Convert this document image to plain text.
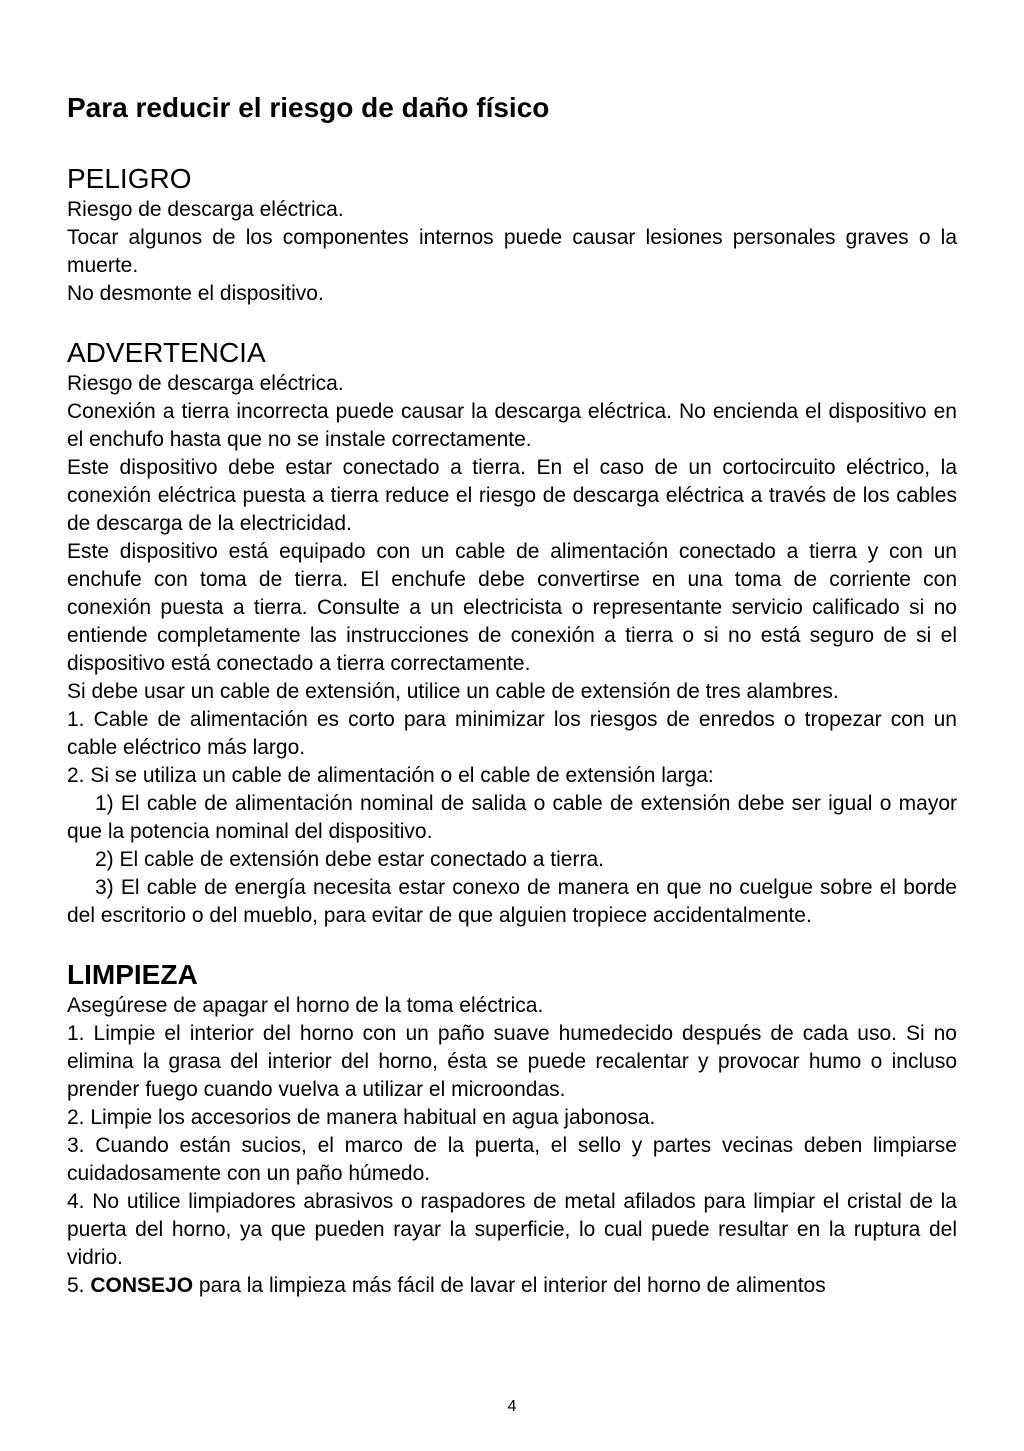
Para reducir el riesgo de daño físico
PELIGRO

Riesgo de descarga eléctrica.

Tocar algunos de los componentes internos puede causar lesiones personales graves o la muerte.

No desmonte el dispositivo.

ADVERTENCIA

Riesgo de descarga eléctrica.

Conexión a tierra incorrecta puede causar la descarga eléctrica. No encienda el dispositivo en el enchufo hasta que no se instale correctamente.

Este dispositivo debe estar conectado a tierra. En el caso de un cortocircuito eléctrico, la conexión eléctrica puesta a tierra reduce el riesgo de descarga eléctrica a través de los cables de descarga de la electricidad.

Este dispositivo está equipado con un cable de alimentación conectado a tierra y con un enchufe con toma de tierra. El enchufe debe convertirse en una toma de corriente con conexión puesta a tierra. Consulte a un electricista o representante servicio calificado si no entiende completamente las instrucciones de conexión a tierra o si no está seguro de si el dispositivo está conectado a tierra correctamente.

Si debe usar un cable de extensión, utilice un cable de extensión de tres alambres.

1. Cable de alimentación es corto para minimizar los riesgos de enredos o tropezar con un cable eléctrico más largo.

2. Si se utiliza un cable de alimentación o el cable de extensión larga:

1) El cable de alimentación nominal de salida o cable de extensión debe ser igual o mayor que la potencia nominal del dispositivo.

2) El cable de extensión debe estar conectado a tierra.

3) El cable de energía necesita estar conexo de manera en que no cuelgue sobre el borde del escritorio o del mueblo, para evitar de que alguien tropiece accidentalmente.

LIMPIEZA

Asegúrese de apagar el horno de la toma eléctrica.

1. Limpie el interior del horno con un paño suave humedecido después de cada uso. Si no elimina la grasa del interior del horno, ésta se puede recalentar y provocar humo o incluso prender fuego cuando vuelva a utilizar el microondas.

2. Limpie los accesorios de manera habitual en agua jabonosa.

3. Cuando están sucios, el marco de la puerta, el sello y partes vecinas deben limpiarse cuidadosamente con un paño húmedo.

4. No utilice limpiadores abrasivos o raspadores de metal afilados para limpiar el cristal de la puerta del horno, ya que pueden rayar la superficie, lo cual puede resultar en la ruptura del vidrio.

5. CONSEJO para la limpieza más fácil de lavar el interior del horno de alimentos

4
